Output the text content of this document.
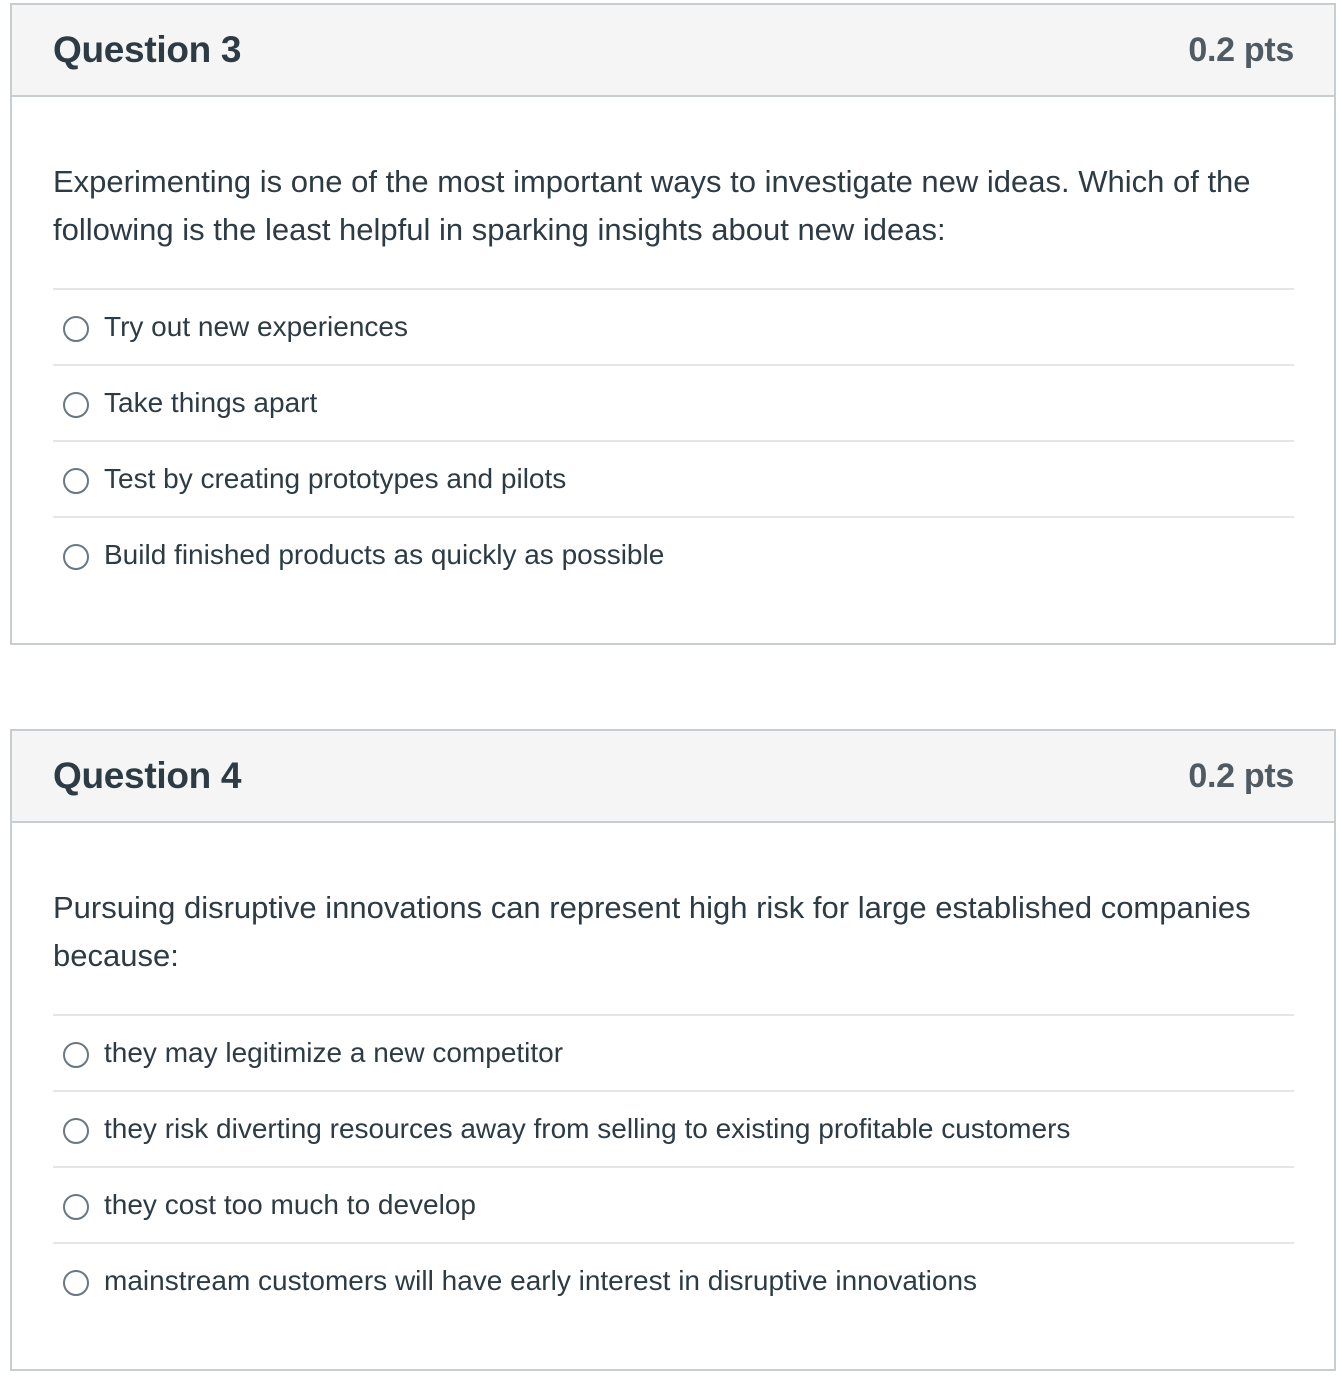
Question 3	0.2 pts

Experimenting is one of the most important ways to investigate new ideas. Which of the following is the least helpful in sparking insights about new ideas:

Try out new experiences
Take things apart
Test by creating prototypes and pilots
Build finished products as quickly as possible
Question 4	0.2 pts

Pursuing disruptive innovations can represent high risk for large established companies because:

they may legitimize a new competitor
they risk diverting resources away from selling to existing profitable customers
they cost too much to develop
mainstream customers will have early interest in disruptive innovations
